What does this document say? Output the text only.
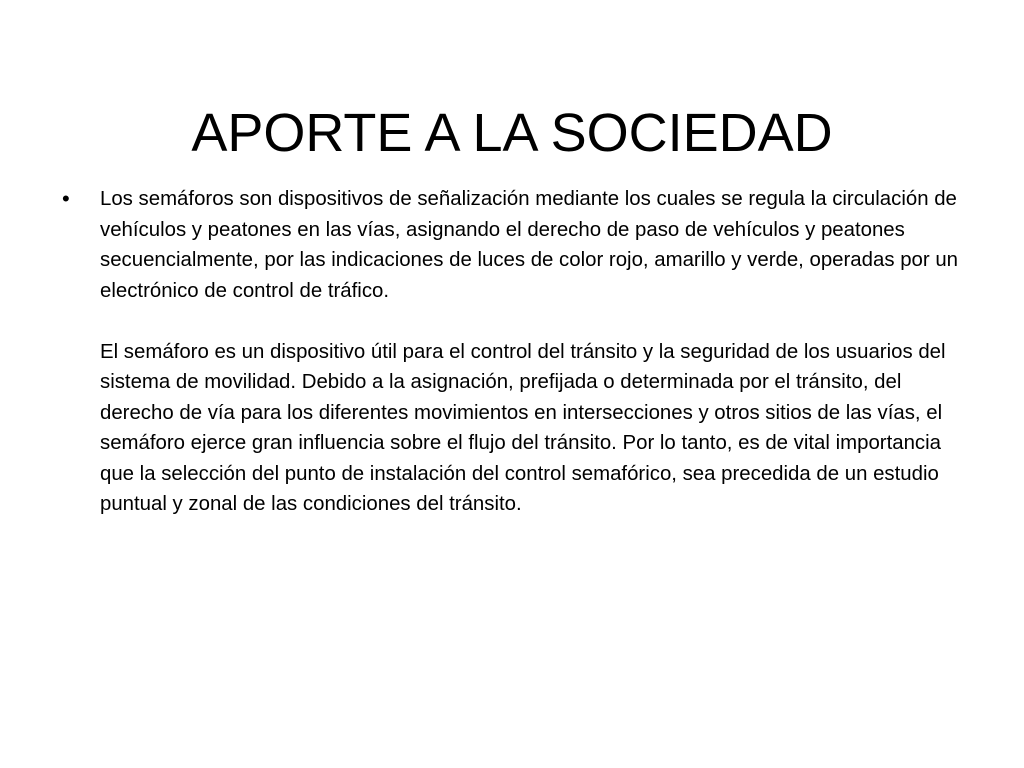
APORTE A LA SOCIEDAD
• Los semáforos son dispositivos de señalización mediante los cuales se regula la circulación de vehículos y peatones en las vías, asignando el derecho de paso de vehículos y peatones secuencialmente, por las indicaciones de luces de color rojo, amarillo y verde, operadas por un electrónico de control de tráfico.

El semáforo es un dispositivo útil para el control del tránsito y la seguridad de los usuarios del sistema de movilidad. Debido a la asignación, prefijada o determinada por el tránsito, del derecho de vía para los diferentes movimientos en intersecciones y otros sitios de las vías, el semáforo ejerce gran influencia sobre el flujo del tránsito. Por lo tanto, es de vital importancia que la selección del punto de instalación del control semafórico, sea precedida de un estudio puntual y zonal de las condiciones del tránsito.
